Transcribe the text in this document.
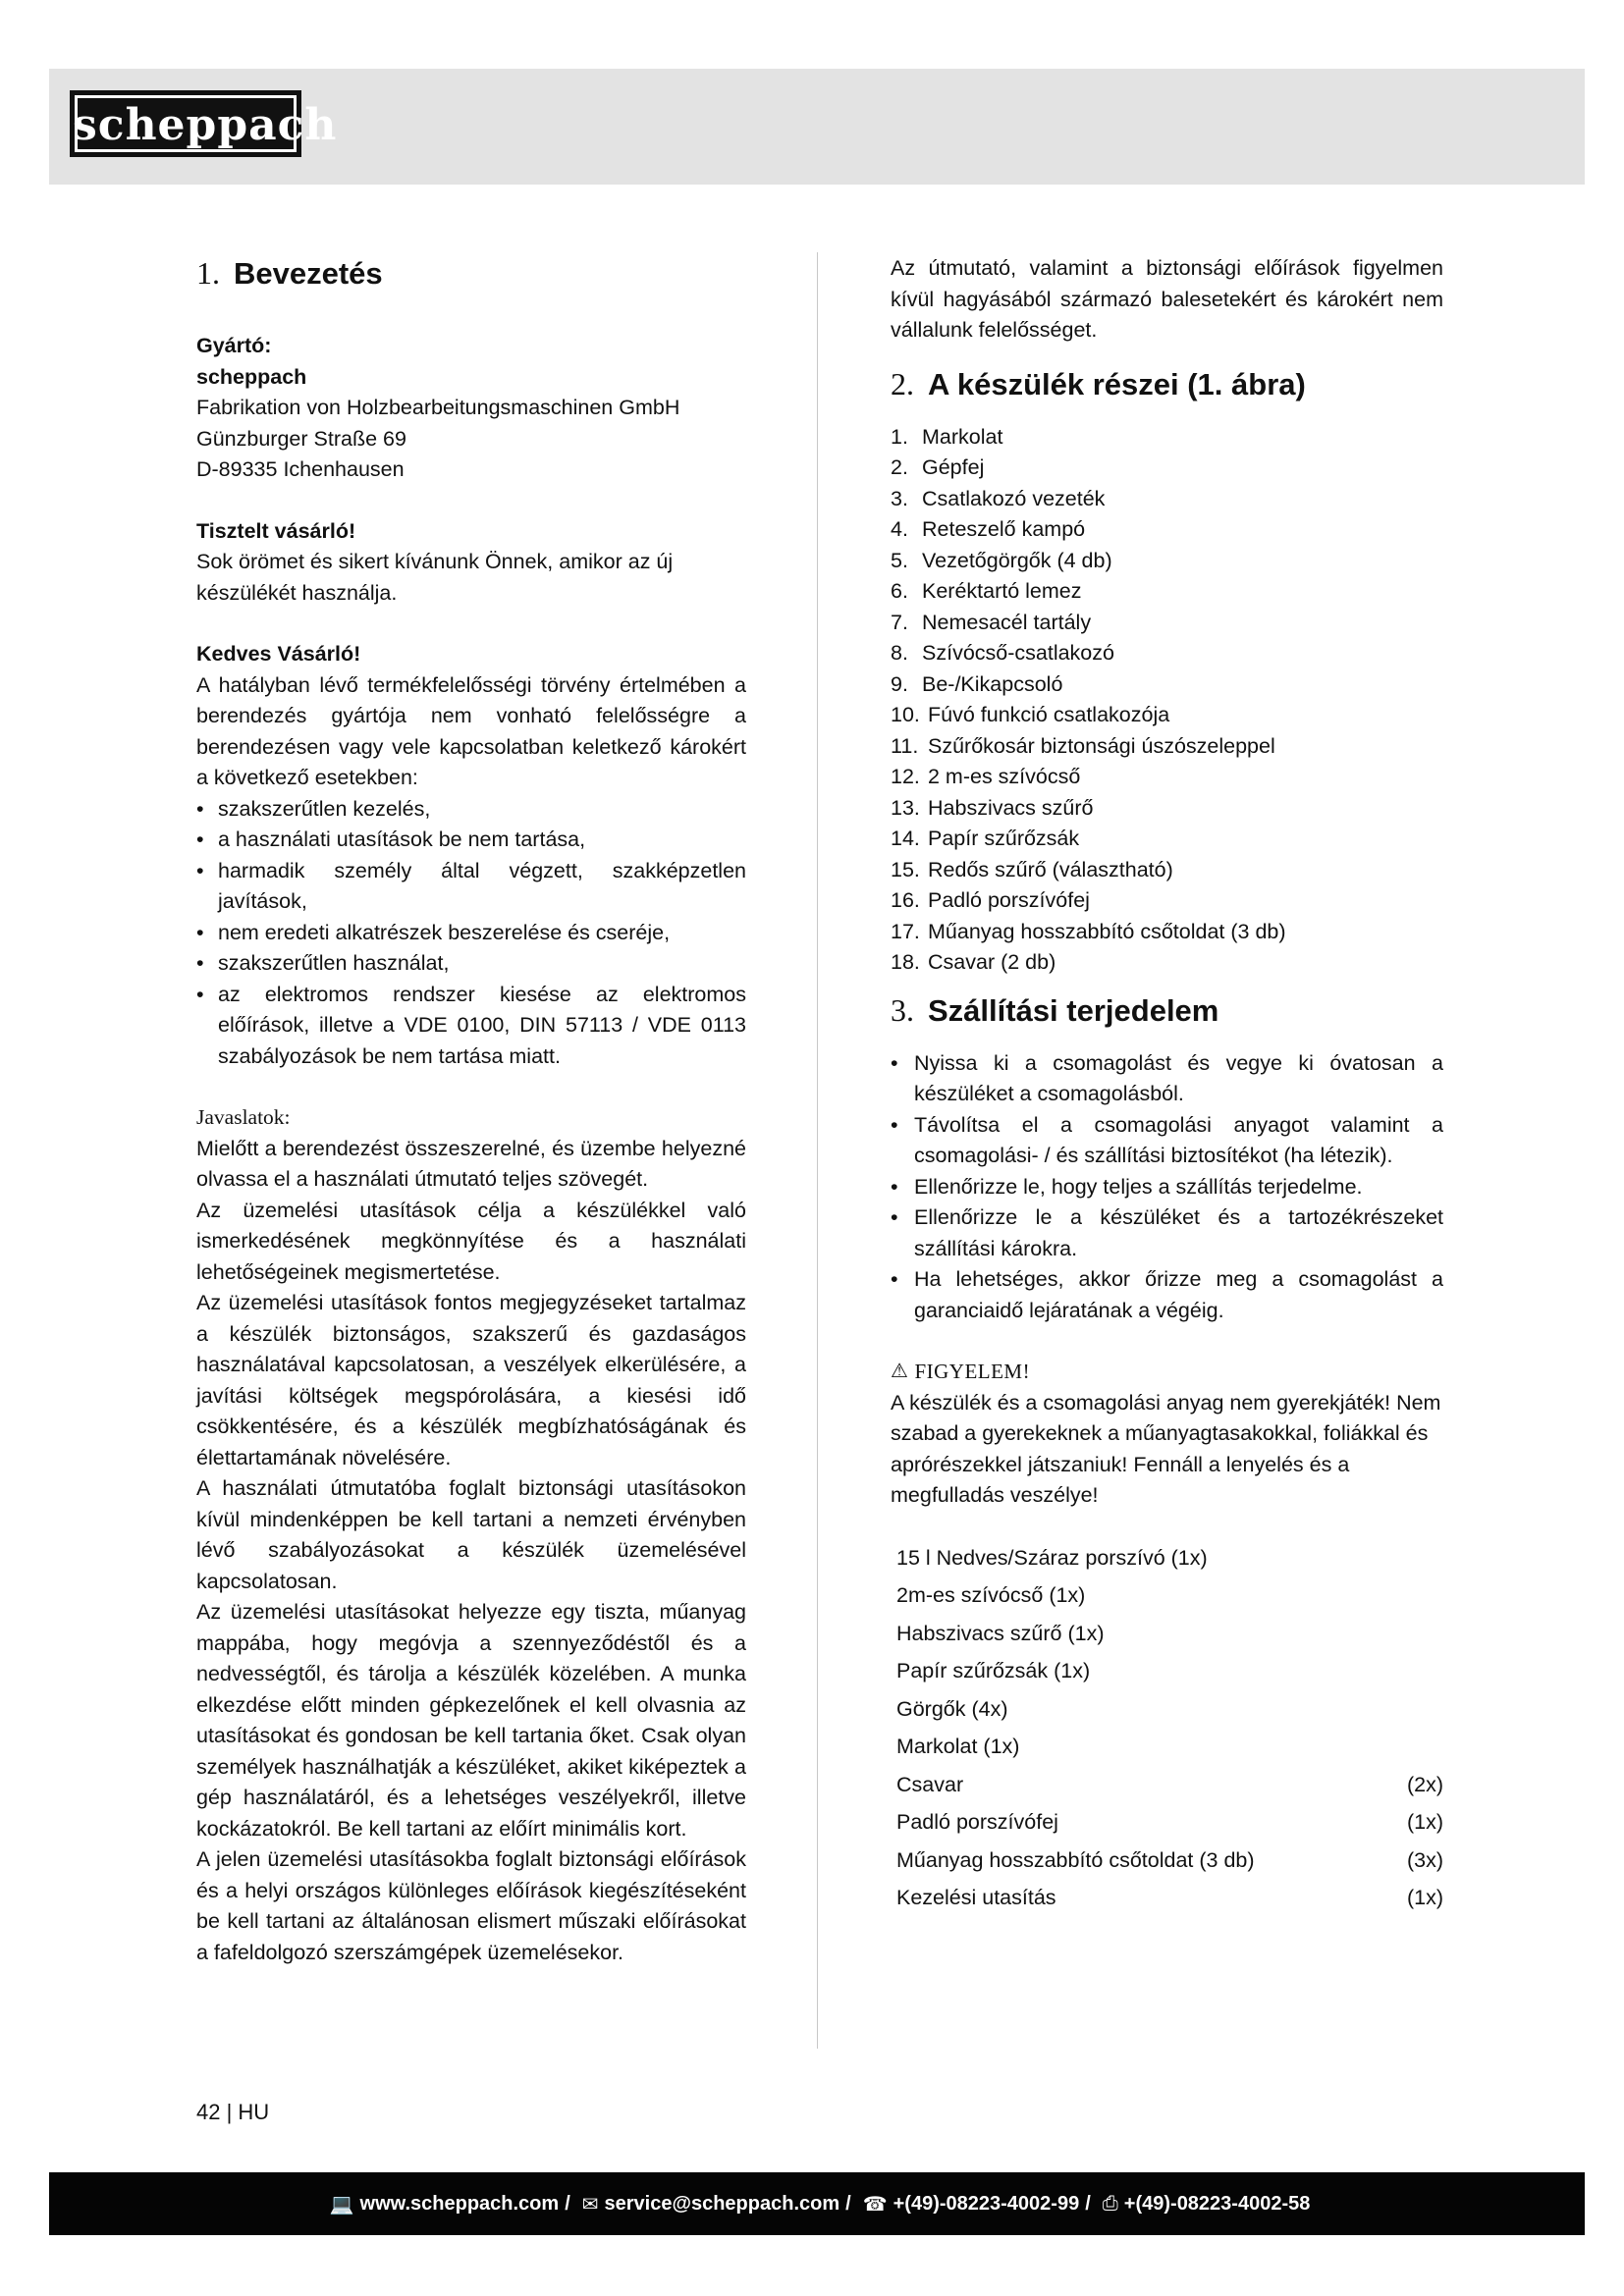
scheppach
1. Bevezetés

Gyártó:

scheppach

Fabrikation von Holzbearbeitungsmaschinen GmbH

Günzburger Straße 69

D-89335 Ichenhausen

Tisztelt vásárló!

Sok örömet és sikert kívánunk Önnek, amikor az új készülékét használja.

Kedves Vásárló!

A hatályban lévő termékfelelősségi törvény értelmében a berendezés gyártója nem vonható felelősségre a berendezésen vagy vele kapcsolatban keletkező károkért a következő esetekben:

• szakszerűtlen kezelés,
• a használati utasítások be nem tartása,
• harmadik személy által végzett, szakképzetlen javítások,
• nem eredeti alkatrészek beszerelése és cseréje,
• szakszerűtlen használat,
• az elektromos rendszer kiesése az elektromos előírások, illetve a VDE 0100, DIN 57113 / VDE 0113 szabályozások be nem tartása miatt.

Javaslatok:

Mielőtt a berendezést összeszerelné, és üzembe helyezné olvassa el a használati útmutató teljes szövegét.

Az üzemelési utasítások célja a készülékkel való ismerkedésének megkönnyítése és a használati lehetőségeinek megismertetése.

Az üzemelési utasítások fontos megjegyzéseket tartalmaz a készülék biztonságos, szakszerű és gazdaságos használatával kapcsolatosan, a veszélyek elkerülésére, a javítási költségek megspórolására, a kiesési idő csökkentésére, és a készülék megbízhatóságának és élettartamának növelésére.

A használati útmutatóba foglalt biztonsági utasításokon kívül mindenképpen be kell tartani a nemzeti érvényben lévő szabályozásokat a készülék üzemelésével kapcsolatosan.

Az üzemelési utasításokat helyezze egy tiszta, műanyag mappába, hogy megóvja a szennyeződéstől és a nedvességtől, és tárolja a készülék közelében. A munka elkezdése előtt minden gépkezelőnek el kell olvasnia az utasításokat és gondosan be kell tartania őket. Csak olyan személyek használhatják a készüléket, akiket kiképeztek a gép használatáról, és a lehetséges veszélyekről, illetve kockázatokról. Be kell tartani az előírt minimális kort.

A jelen üzemelési utasításokba foglalt biztonsági előírások és a helyi országos különleges előírások kiegészítéseként be kell tartani az általánosan elismert műszaki előírásokat a fafeldolgozó szerszámgépek üzemelésekor.

Az útmutató, valamint a biztonsági előírások figyelmen kívül hagyásából származó balesetekért és károkért nem vállalunk felelősséget.

2. A készülék részei (1. ábra)
1. Markolat
2. Gépfej
3. Csatlakozó vezeték
4. Reteszelő kampó
5. Vezetőgörgők (4 db)
6. Keréktartó lemez
7. Nemesacél tartály
8. Szívócső-csatlakozó
9. Be-/Kikapcsoló
10. Fúvó funkció csatlakozója
11. Szűrőkosár biztonsági úszószeleppel
12. 2 m-es szívócső
13. Habszivacs szűrő
14. Papír szűrőzsák
15. Redős szűrő (választható)
16. Padló porszívófej
17. Műanyag hosszabbító csőtoldat (3 db)
18. Csavar (2 db)
3. Szállítási terjedelem
• Nyissa ki a csomagolást és vegye ki óvatosan a készüléket a csomagolásból.
• Távolítsa el a csomagolási anyagot valamint a csomagolási- / és szállítási biztosítékot (ha létezik).
• Ellenőrizze le, hogy teljes a szállítás terjedelme.
• Ellenőrizze le a készüléket és a tartozékrészeket szállítási károkra.
• Ha lehetséges, akkor őrizze meg a csomagolást a garanciaidő lejáratának a végéig.
⚠ FIGYELEM!

A készülék és a csomagolási anyag nem gyerekjáték! Nem szabad a gyerekeknek a műanyagtasakokkal, foliákkal és aprórészekkel játszaniuk! Fennáll a lenyelés és a megfulladás veszélye!

15 l Nedves/Száraz porszívó (1x)
2m-es szívócső (1x)
Habszivacs szűrő (1x)
Papír szűrőzsák (1x)
Görgők (4x)
Markolat (1x)
Csavar	(2x)
Padló porszívófej	(1x)
Műanyag hosszabbító csőtoldat (3 db)	(3x)
Kezelési utasítás	(1x)
42 | HU
💻 www.scheppach.com / ✉ service@scheppach.com / ☎ +(49)-08223-4002-99 / ⎙ +(49)-08223-4002-58
